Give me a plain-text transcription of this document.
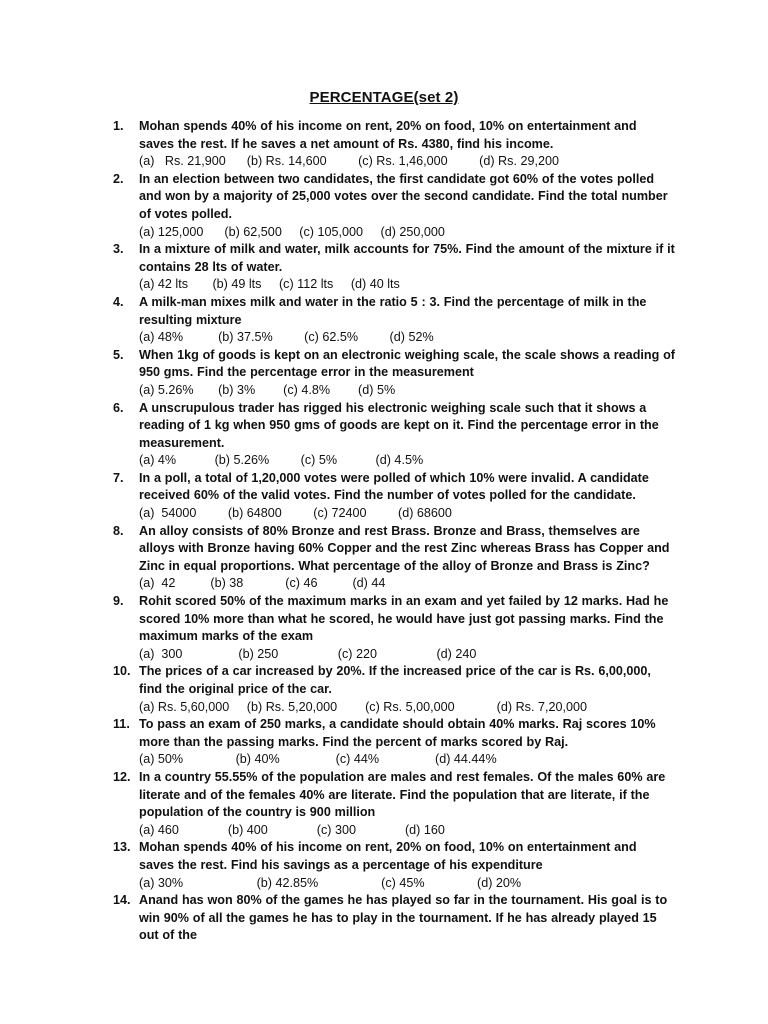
PERCENTAGE(set 2)
1. Mohan spends 40% of his income on rent, 20% on food, 10% on entertainment and saves the rest. If he saves a net amount of Rs. 4380, find his income.
(a)   Rs. 21,900      (b) Rs. 14,600         (c) Rs. 1,46,000         (d) Rs. 29,200
2. In an election between two candidates, the first candidate got 60% of the votes polled and won by a majority of 25,000 votes over the second candidate. Find the total number of votes polled.
(a) 125,000      (b) 62,500     (c) 105,000     (d) 250,000
3. In a mixture of milk and water, milk accounts for 75%. Find the amount of the mixture if it contains 28 lts of water.
(a) 42 lts       (b) 49 lts     (c) 112 lts     (d) 40 lts
4. A milk-man mixes milk and water in the ratio 5 : 3. Find the percentage of milk in the resulting mixture
(a) 48%          (b) 37.5%         (c) 62.5%         (d) 52%
5. When 1kg of goods is kept on an electronic weighing scale, the scale shows a reading of 950 gms. Find the percentage error in the measurement
(a) 5.26%       (b) 3%        (c) 4.8%        (d) 5%
6. A unscrupulous trader has rigged his electronic weighing scale such that it shows a reading of 1 kg when 950 gms of goods are kept on it. Find the percentage error in the measurement.
(a) 4%           (b) 5.26%         (c) 5%           (d) 4.5%
7. In a poll, a total of 1,20,000 votes were polled of which 10% were invalid. A candidate received 60% of the valid votes. Find the number of votes polled for the candidate.
(a)  54000         (b) 64800         (c) 72400         (d) 68600
8. An alloy consists of 80% Bronze and rest Brass. Bronze and Brass, themselves are alloys with Bronze having 60% Copper and the rest Zinc whereas Brass has Copper and Zinc in equal proportions. What percentage of the alloy of Bronze and Brass is Zinc?
(a)  42          (b) 38            (c) 46          (d) 44
9. Rohit scored 50% of the maximum marks in an exam and yet failed by 12 marks. Had he scored 10% more than what he scored, he would have just got passing marks. Find the maximum marks of the exam
(a)  300                (b) 250                 (c) 220                 (d) 240
10. The prices of a car increased by 20%. If the increased price of the car is Rs. 6,00,000, find the original price of the car.
(a) Rs. 5,60,000     (b) Rs. 5,20,000        (c) Rs. 5,00,000            (d) Rs. 7,20,000
11. To pass an exam of 250 marks, a candidate should obtain 40% marks. Raj scores 10% more than the passing marks. Find the percent of marks scored by Raj.
(a) 50%               (b) 40%                (c) 44%                (d) 44.44%
12. In a country 55.55% of the population are males and rest females. Of the males 60% are literate and of the females 40% are literate. Find the population that are literate, if the population of the country is 900 million
(a) 460              (b) 400              (c) 300              (d) 160
13. Mohan spends 40% of his income on rent, 20% on food, 10% on entertainment and saves the rest. Find his savings as a percentage of his expenditure
(a) 30%                     (b) 42.85%                  (c) 45%               (d) 20%
14. Anand has won 80% of the games he has played so far in the tournament. His goal is to win 90% of all the games he has to play in the tournament. If he has already played 15 out of the
